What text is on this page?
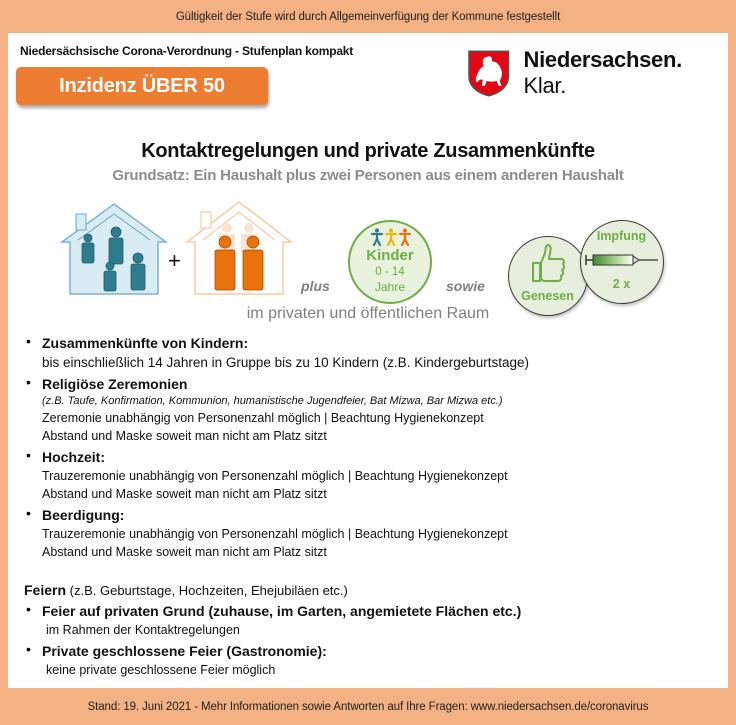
Gültigkeit der Stufe wird durch Allgemeinverfügung der Kommune festgestellt
Niedersächsische Corona-Verordnung - Stufenplan kompakt
Inzidenz ÜBER 50
Niedersachsen. Klar.
Kontaktregelungen und private Zusammenkünfte
Grundsatz: Ein Haushalt plus zwei Personen aus einem anderen Haushalt
+
plus
Kinder
0 - 14
Jahre	sowie
Genesen
Impfung
2 x
im privaten und öffentlichen Raum
• Zusammenkünfte von Kindern:
bis einschließlich 14 Jahren in Gruppe bis zu 10 Kindern (z.B. Kindergeburtstage)
• Religiöse Zeremonien
(z.B. Taufe, Konfirmation, Kommunion, humanistische Jugendfeier, Bat Mizwa, Bar Mizwa etc.)
Zeremonie unabhängig von Personenzahl möglich | Beachtung Hygienekonzept
Abstand und Maske soweit man nicht am Platz sitzt
• Hochzeit:
Trauzeremonie unabhängig von Personenzahl möglich | Beachtung Hygienekonzept
Abstand und Maske soweit man nicht am Platz sitzt
• Beerdigung:
Trauzeremonie unabhängig von Personenzahl möglich | Beachtung Hygienekonzept
Abstand und Maske soweit man nicht am Platz sitzt
Feiern (z.B. Geburtstage, Hochzeiten, Ehejubiläen etc.)
• Feier auf privaten Grund (zuhause, im Garten, angemietete Flächen etc.)
im Rahmen der Kontaktregelungen
• Private geschlossene Feier (Gastronomie):
keine private geschlossene Feier möglich
Stand: 19. Juni 2021 - Mehr Informationen sowie Antworten auf Ihre Fragen: www.niedersachsen.de/coronavirus
